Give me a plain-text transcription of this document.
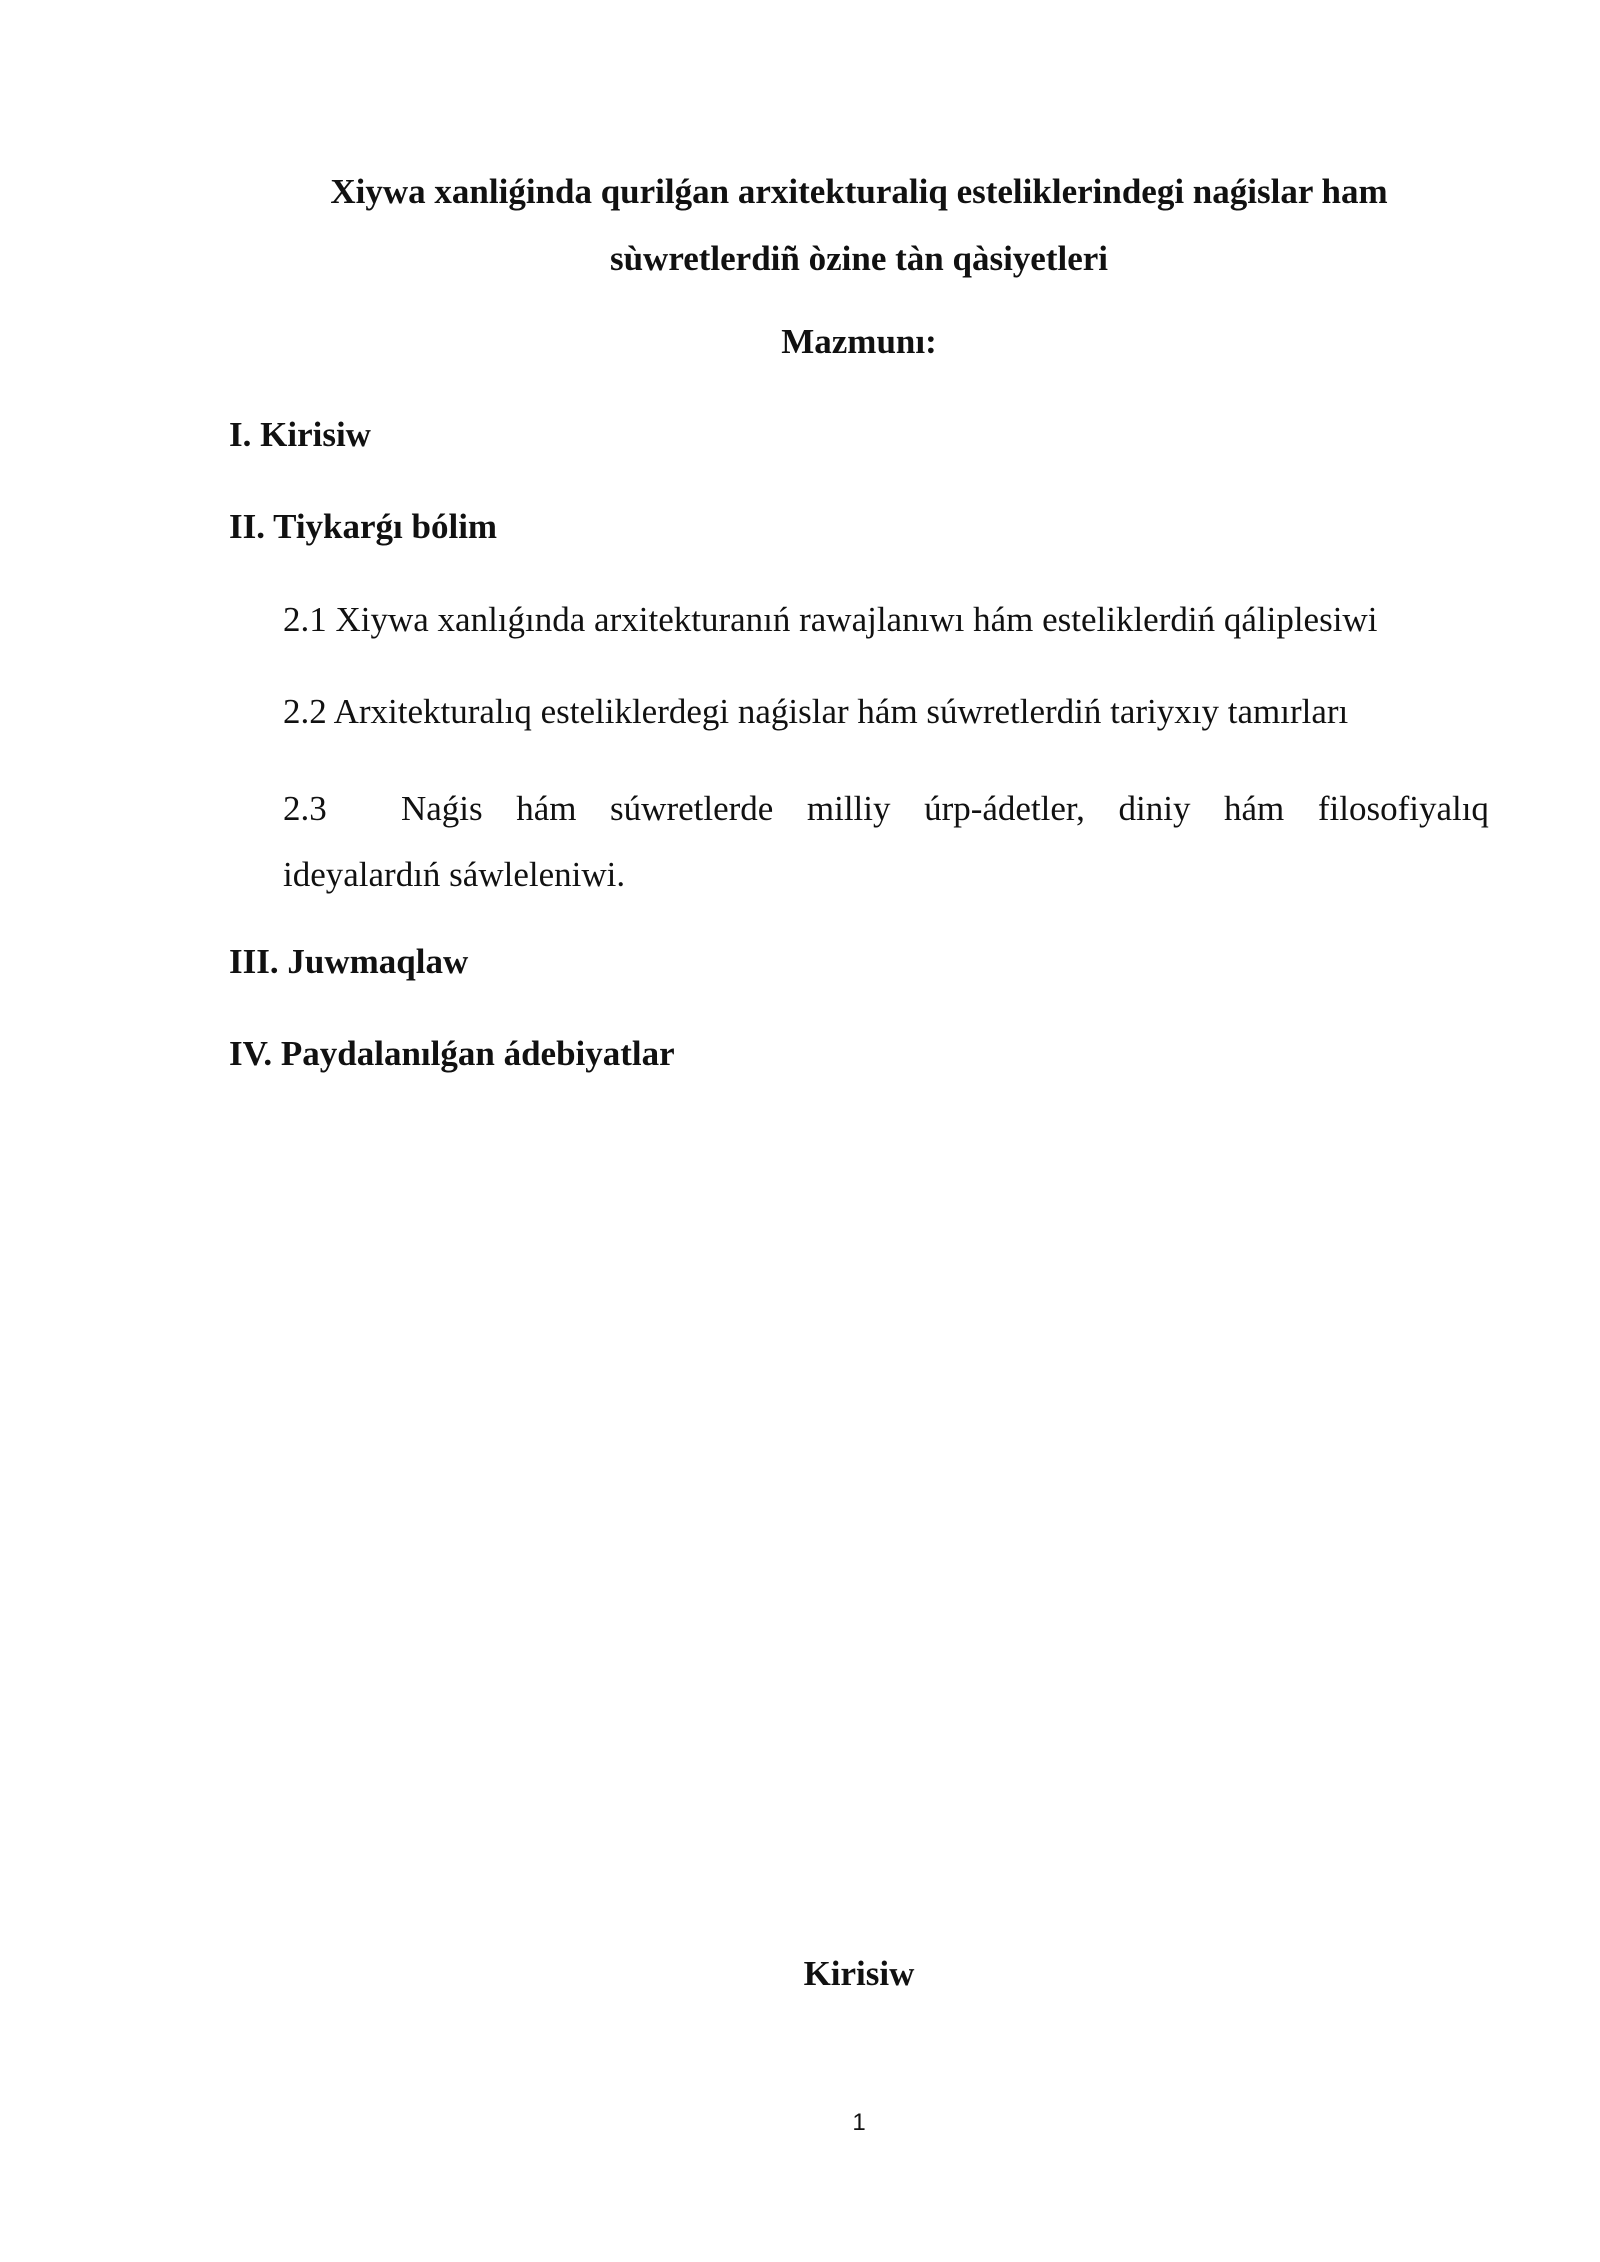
Xiywa xanliǵinda qurilǵan arxitekturaliq esteliklerindegi naǵislar ham
sùwretlerdiñ òzine tàn qàsiyetleri
Mazmunı:
I. Kirisiw
II. Tiykarǵı bólim
2.1 Xiywa xanlıǵında arxitekturanıń rawajlanıwı hám esteliklerdiń qáliplesiwi
2.2 Arxitekturalıq esteliklerdegi naǵislar hám súwretlerdiń tariyxıy tamırları
2.3	Naǵis hám súwretlerde milliy úrp-ádetler, diniy hám filosofiyalıq
ideyalardıń sáwleleniwi.
III. Juwmaqlaw
IV. Paydalanılǵan ádebiyatlar
Kirisiw
1
